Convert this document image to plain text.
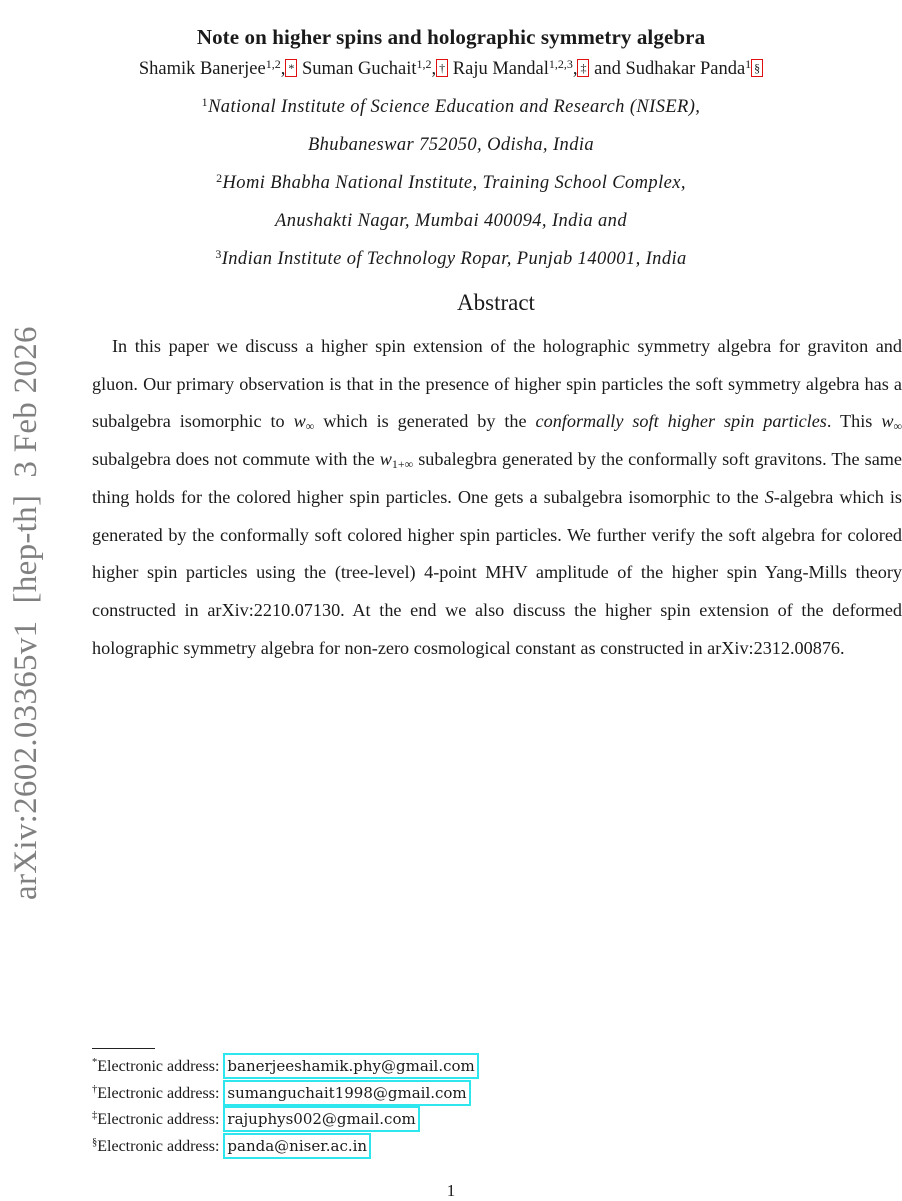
arXiv:2602.03365v1  [hep-th]  3 Feb 2026
Note on higher spins and holographic symmetry algebra
Shamik Banerjee$^{1,2}$, * Suman Guchait$^{1,2}$, † Raju Mandal$^{1,2,3}$, ‡ and Sudhakar Panda$^1$ §
$^1$National Institute of Science Education and Research (NISER),
Bhubaneswar 752050, Odisha, India
$^2$Homi Bhabha National Institute, Training School Complex,
Anushakti Nagar, Mumbai 400094, India and
$^3$Indian Institute of Technology Ropar, Punjab 140001, India
Abstract
In this paper we discuss a higher spin extension of the holographic symmetry algebra for graviton and gluon. Our primary observation is that in the presence of higher spin particles the soft symmetry algebra has a subalgebra isomorphic to $w_\infty$ which is generated by the conformally soft higher spin particles. This $w_\infty$ subalgebra does not commute with the $w_{1+\infty}$ subalegbra generated by the conformally soft gravitons. The same thing holds for the colored higher spin particles. One gets a subalgebra isomorphic to the S-algebra which is generated by the conformally soft colored higher spin particles. We further verify the soft algebra for colored higher spin particles using the (tree-level) 4-point MHV amplitude of the higher spin Yang-Mills theory constructed in arXiv:2210.07130. At the end we also discuss the higher spin extension of the deformed holographic symmetry algebra for non-zero cosmological constant as constructed in arXiv:2312.00876.
*Electronic address: banerjeeshamik.phy@gmail.com
†Electronic address: sumanguchait1998@gmail.com
‡Electronic address: rajuphys002@gmail.com
§Electronic address: panda@niser.ac.in
1
